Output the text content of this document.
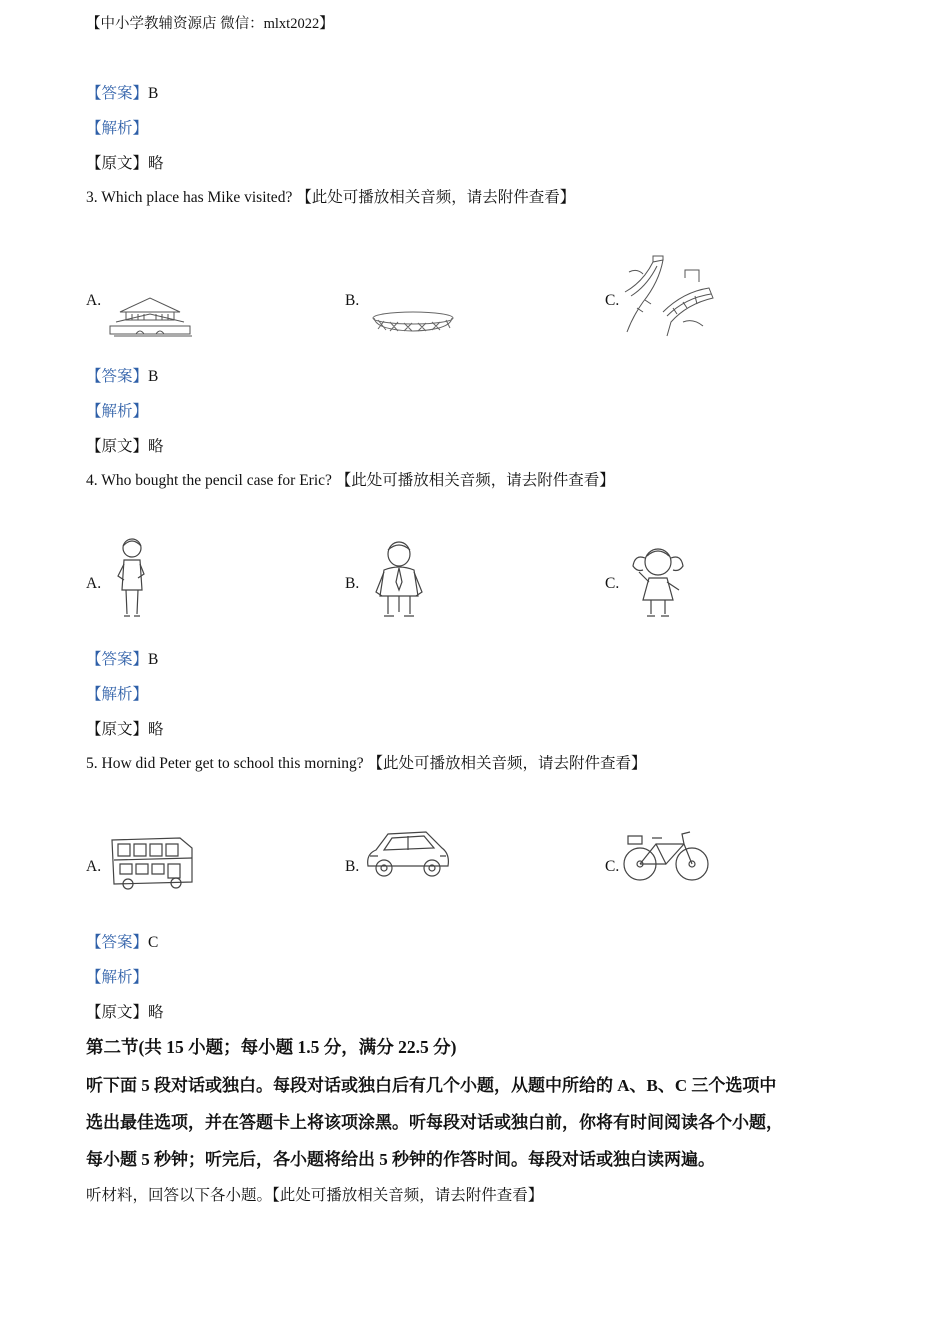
【中小学教辅资源店 微信：mlxt2022】
【答案】B
【解析】
【原文】略
3. Which place has Mike visited? 【此处可播放相关音频，请去附件查看】
A.	B.	C.
【答案】B
【解析】
【原文】略
4. Who bought the pencil case for Eric? 【此处可播放相关音频，请去附件查看】
A.	B.	C.
【答案】B
【解析】
【原文】略
5. How did Peter get to school this morning? 【此处可播放相关音频，请去附件查看】
A.	B.	C.
【答案】C
【解析】
【原文】略
第二节(共 15 小题；每小题 1.5 分，满分 22.5 分)
听下面 5 段对话或独白。每段对话或独白后有几个小题，从题中所给的 A、B、C 三个选项中
选出最佳选项，并在答题卡上将该项涂黑。听每段对话或独白前，你将有时间阅读各个小题，
每小题 5 秒钟；听完后，各小题将给出 5 秒钟的作答时间。每段对话或独白读两遍。
听材料，回答以下各小题。【此处可播放相关音频，请去附件查看】
